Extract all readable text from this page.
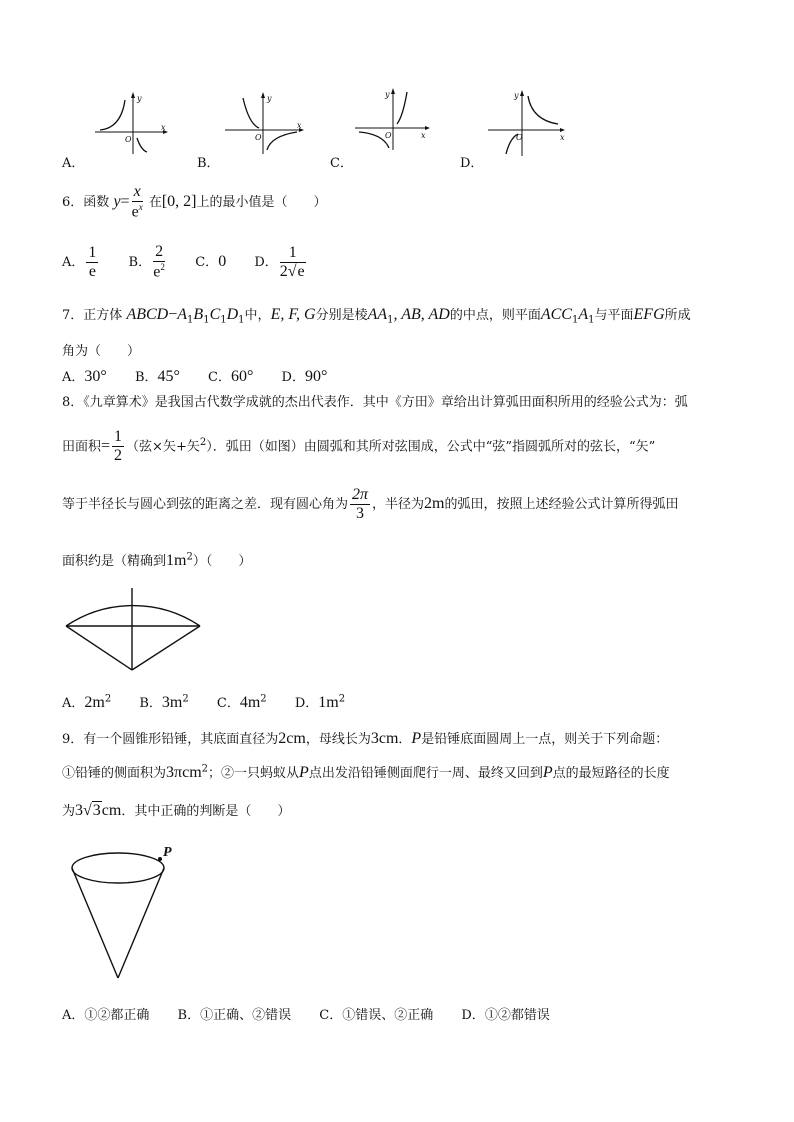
y
x
O
A．
y
x
O
B．
y
x
O
C．
y
x
O
D．
6．函数 $y= \frac{x}{e^x}$ 在[0, 2]上的最小值是（　　）
A． $\frac{1}{e}$ B． $\frac{2}{e^2}$ C．0 D． $\frac{1}{2√e}$
7．正方体 $ABCD-A_1B_1C_1D_1$中，E, F, G分别是棱$AA_1$, AB, AD的中点，则平面$ACC_1A_1$与平面EFG所成
角为（　　）
A．30° B．45° C．60° D．90°
8．《九章算术》是我国古代数学成就的杰出代表作．其中《方田》章给出计算弧田面积所用的经验公式为：弧
田面积= $\frac{1}{2}$ （弦×矢+矢$^2$）．弧田（如图）由圆弧和其所对弦围成，公式中“弦”指圆弧所对的弦长，“矢”
等于半径长与圆心到弦的距离之差．现有圆心角为 $\frac{2\pi}{3}$ ，半径为2m的弧田，按照上述经验公式计算所得弧田
面积约是（精确到$1m^2$）（　　）
A．$2m^2$ B．$3m^2$ C．$4m^2$ D．$1m^2$
9．有一个圆锥形铅锤，其底面直径为2cm，母线长为3cm．P是铅锤底面圆周上一点，则关于下列命题：
①铅锤的侧面积为3πcm$^2$；②一只蚂蚁从P点出发沿铅锤侧面爬行一周、最终又回到P点的最短路径的长度
为3√3cm．其中正确的判断是（　　）
P
A．①②都正确 B．①正确、②错误 C．①错误、②正确 D．①②都错误
